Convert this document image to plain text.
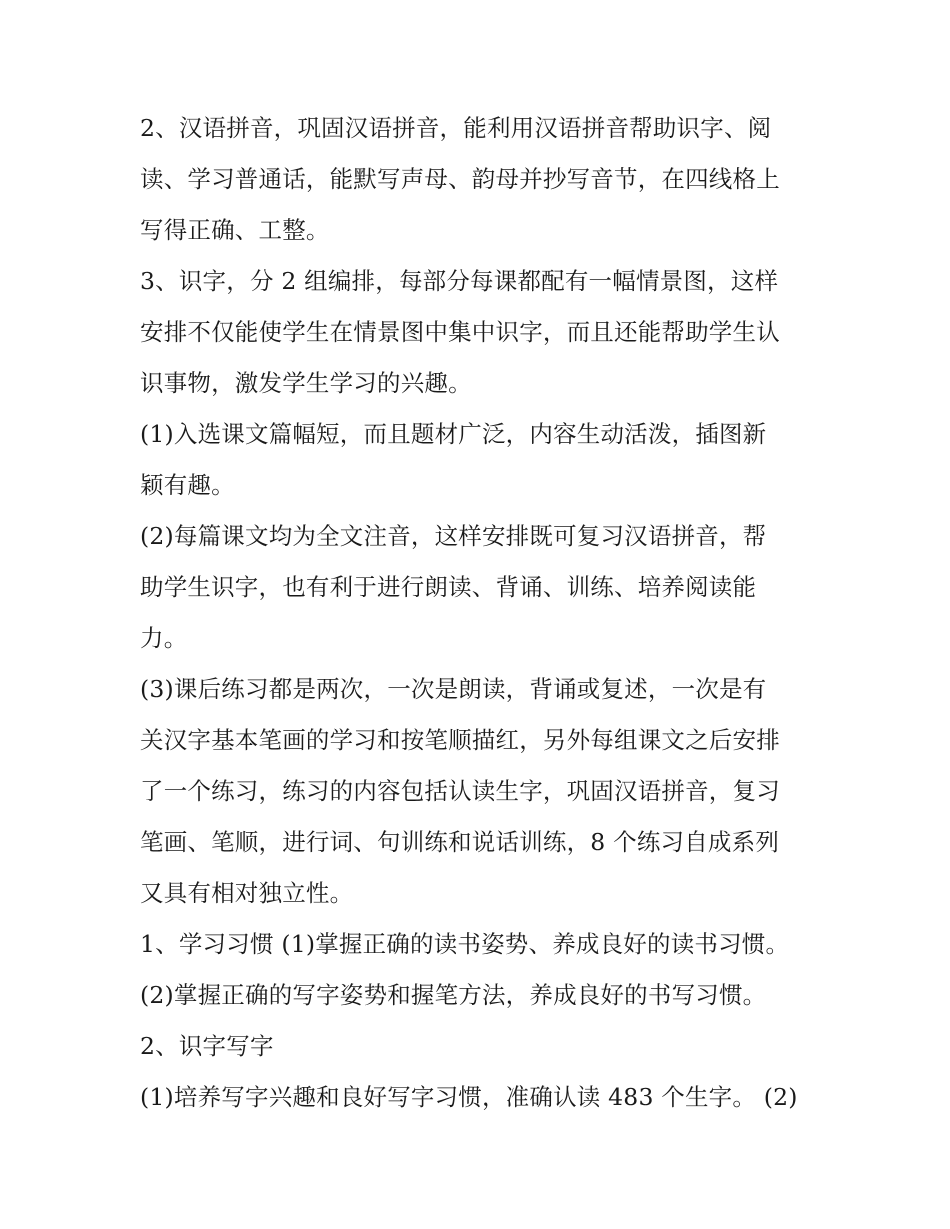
2、汉语拼音，巩固汉语拼音，能利用汉语拼音帮助识字、阅
读、学习普通话，能默写声母、韵母并抄写音节，在四线格上
写得正确、工整。
3、识字，分 2 组编排，每部分每课都配有一幅情景图，这样
安排不仅能使学生在情景图中集中识字，而且还能帮助学生认
识事物，激发学生学习的兴趣。
(1)入选课文篇幅短，而且题材广泛，内容生动活泼，插图新
颖有趣。
(2)每篇课文均为全文注音，这样安排既可复习汉语拼音，帮
助学生识字，也有利于进行朗读、背诵、训练、培养阅读能
力。
(3)课后练习都是两次，一次是朗读，背诵或复述，一次是有
关汉字基本笔画的学习和按笔顺描红，另外每组课文之后安排
了一个练习，练习的内容包括认读生字，巩固汉语拼音，复习
笔画、笔顺，进行词、句训练和说话训练，8 个练习自成系列
又具有相对独立性。
1、学习习惯 (1)掌握正确的读书姿势、养成良好的读书习惯。
(2)掌握正确的写字姿势和握笔方法，养成良好的书写习惯。
2、识字写字
(1)培养写字兴趣和良好写字习惯，准确认读 483 个生字。 (2)
